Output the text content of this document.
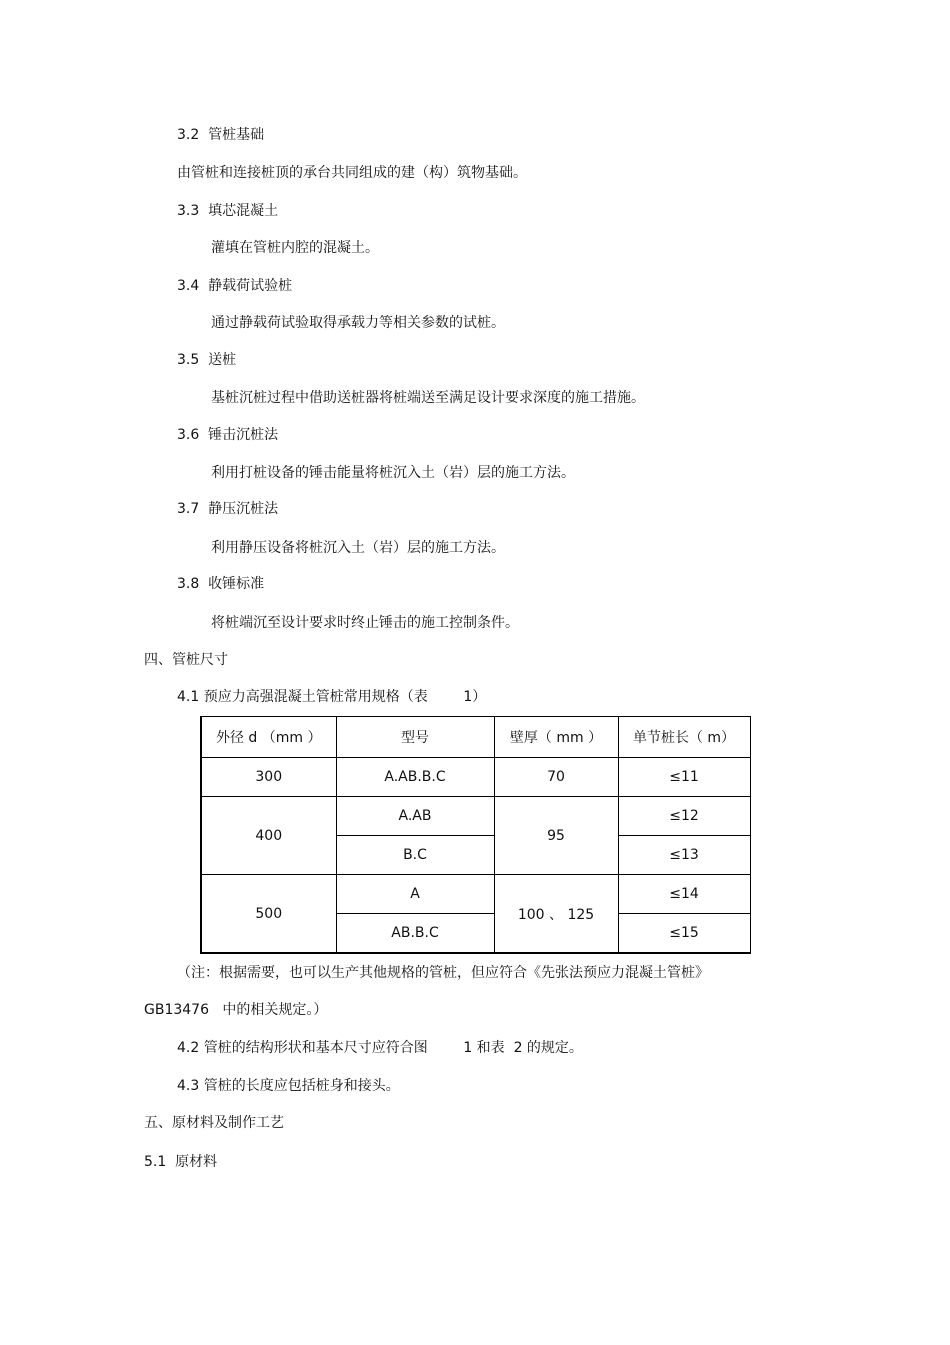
3.2  管桩基础
由管桩和连接桩顶的承台共同组成的建（构）筑物基础。
3.3  填芯混凝土
灌填在管桩内腔的混凝土。
3.4  静载荷试验桩
通过静载荷试验取得承载力等相关参数的试桩。
3.5  送桩
基桩沉桩过程中借助送桩器将桩端送至满足设计要求深度的施工措施。
3.6  锤击沉桩法
利用打桩设备的锤击能量将桩沉入土（岩）层的施工方法。
3.7  静压沉桩法
利用静压设备将桩沉入土（岩）层的施工方法。
3.8  收锤标准
将桩端沉至设计要求时终止锤击的施工控制条件。
四、管桩尺寸
4.1 预应力高强混凝土管桩常用规格（表        1）
外径 d （mm ）	型号	壁厚（ mm ）	单节桩长（ m）
300	A.AB.B.C	70	≤11
400	A.AB	95	≤12
	B.C		≤13
500	A	100 、 125	≤14
	AB.B.C		≤15
（注：根据需要，也可以生产其他规格的管桩，但应符合《先张法预应力混凝土管桩》
GB13476   中的相关规定。）
4.2 管桩的结构形状和基本尺寸应符合图        1 和表  2 的规定。
4.3 管桩的长度应包括桩身和接头。
五、原材料及制作工艺
5.1  原材料
